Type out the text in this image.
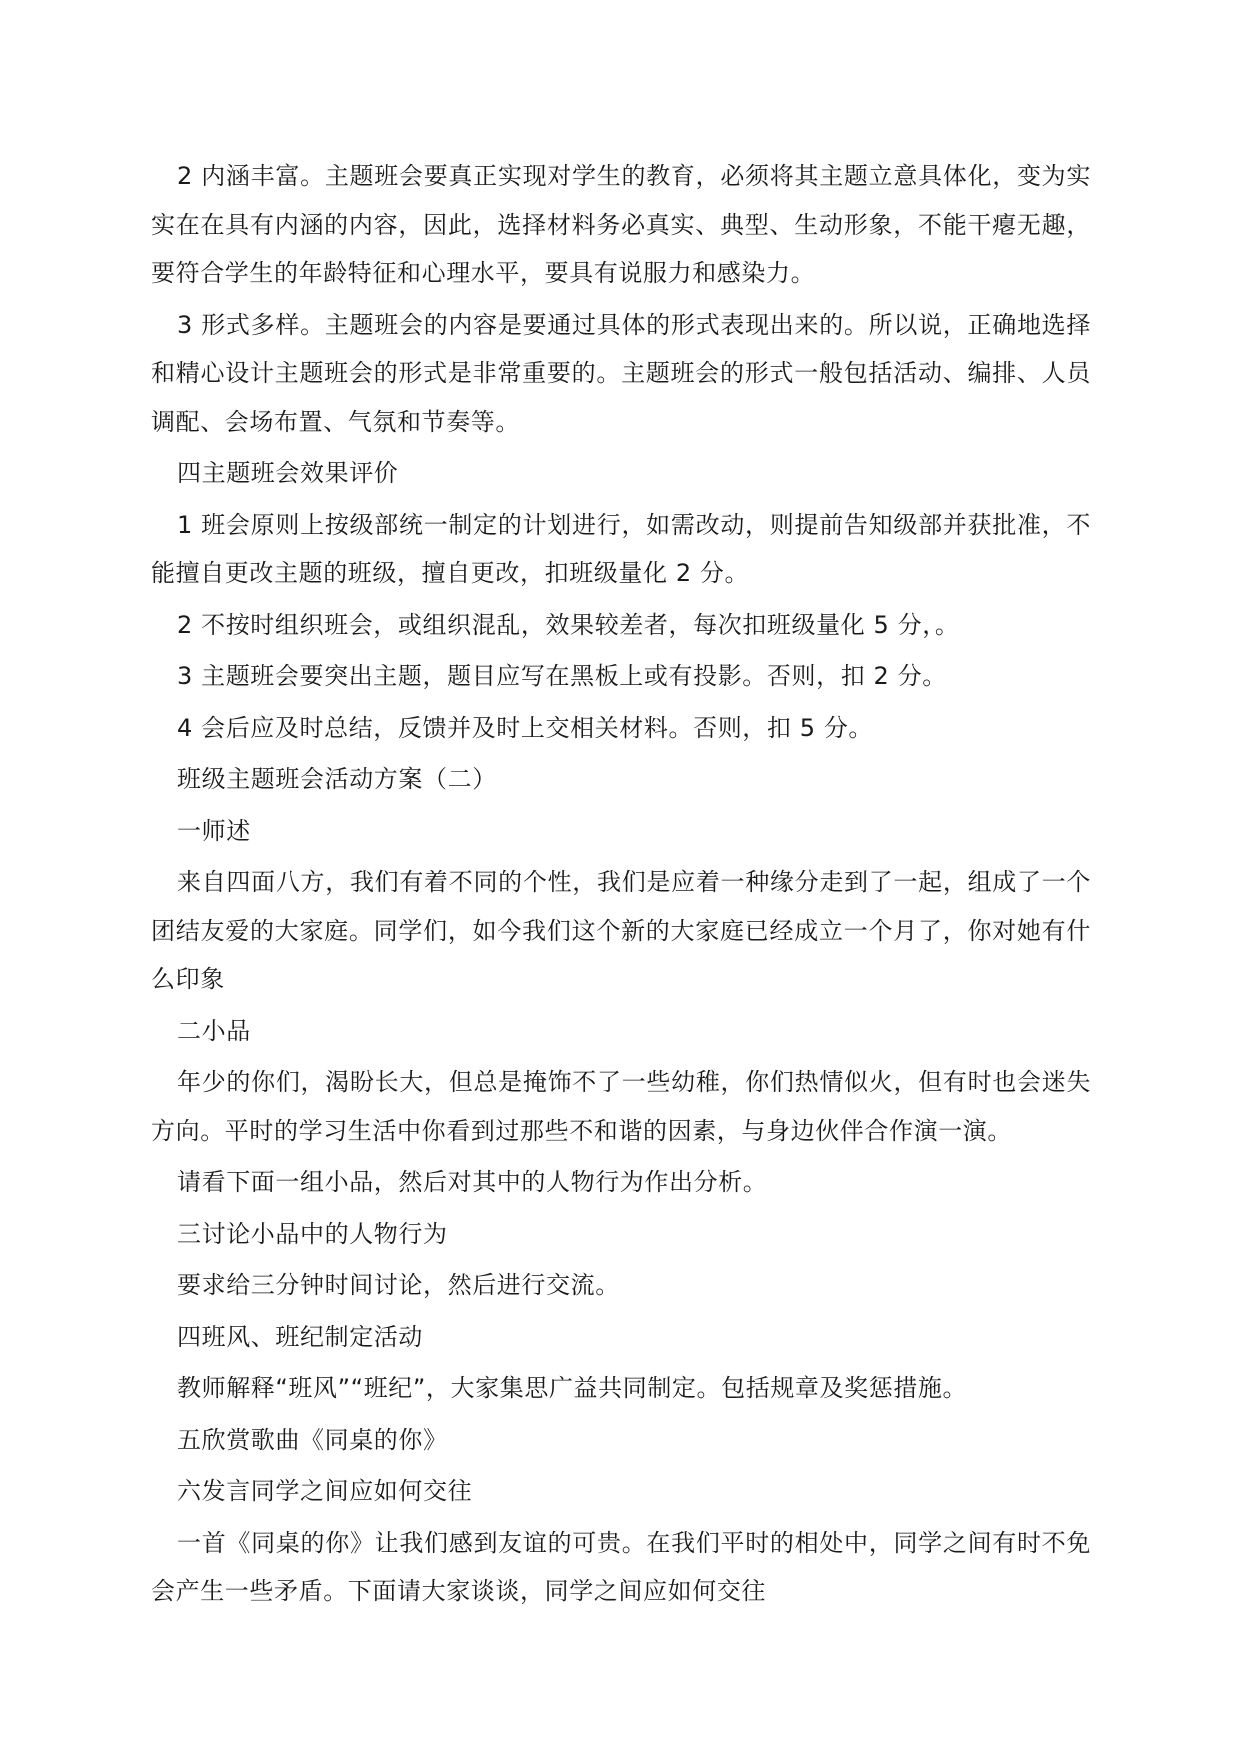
2 内涵丰富。主题班会要真正实现对学生的教育，必须将其主题立意具体化，变为实实在在具有内涵的内容，因此，选择材料务必真实、典型、生动形象，不能干瘪无趣，要符合学生的年龄特征和心理水平，要具有说服力和感染力。

3 形式多样。主题班会的内容是要通过具体的形式表现出来的。所以说，正确地选择和精心设计主题班会的形式是非常重要的。主题班会的形式一般包括活动、编排、人员调配、会场布置、气氛和节奏等。

四主题班会效果评价

1 班会原则上按级部统一制定的计划进行，如需改动，则提前告知级部并获批准，不能擅自更改主题的班级，擅自更改，扣班级量化 2 分。

2 不按时组织班会，或组织混乱，效果较差者，每次扣班级量化 5 分，。

3 主题班会要突出主题，题目应写在黑板上或有投影。否则，扣 2 分。

4 会后应及时总结，反馈并及时上交相关材料。否则，扣 5 分。

班级主题班会活动方案（二）

一师述

来自四面八方，我们有着不同的个性，我们是应着一种缘分走到了一起，组成了一个团结友爱的大家庭。同学们，如今我们这个新的大家庭已经成立一个月了，你对她有什么印象

二小品

年少的你们，渴盼长大，但总是掩饰不了一些幼稚，你们热情似火，但有时也会迷失方向。平时的学习生活中你看到过那些不和谐的因素，与身边伙伴合作演一演。

请看下面一组小品，然后对其中的人物行为作出分析。

三讨论小品中的人物行为

要求给三分钟时间讨论，然后进行交流。

四班风、班纪制定活动

教师解释“班风”“班纪”，大家集思广益共同制定。包括规章及奖惩措施。

五欣赏歌曲《同桌的你》

六发言同学之间应如何交往

一首《同桌的你》让我们感到友谊的可贵。在我们平时的相处中，同学之间有时不免会产生一些矛盾。下面请大家谈谈，同学之间应如何交往
